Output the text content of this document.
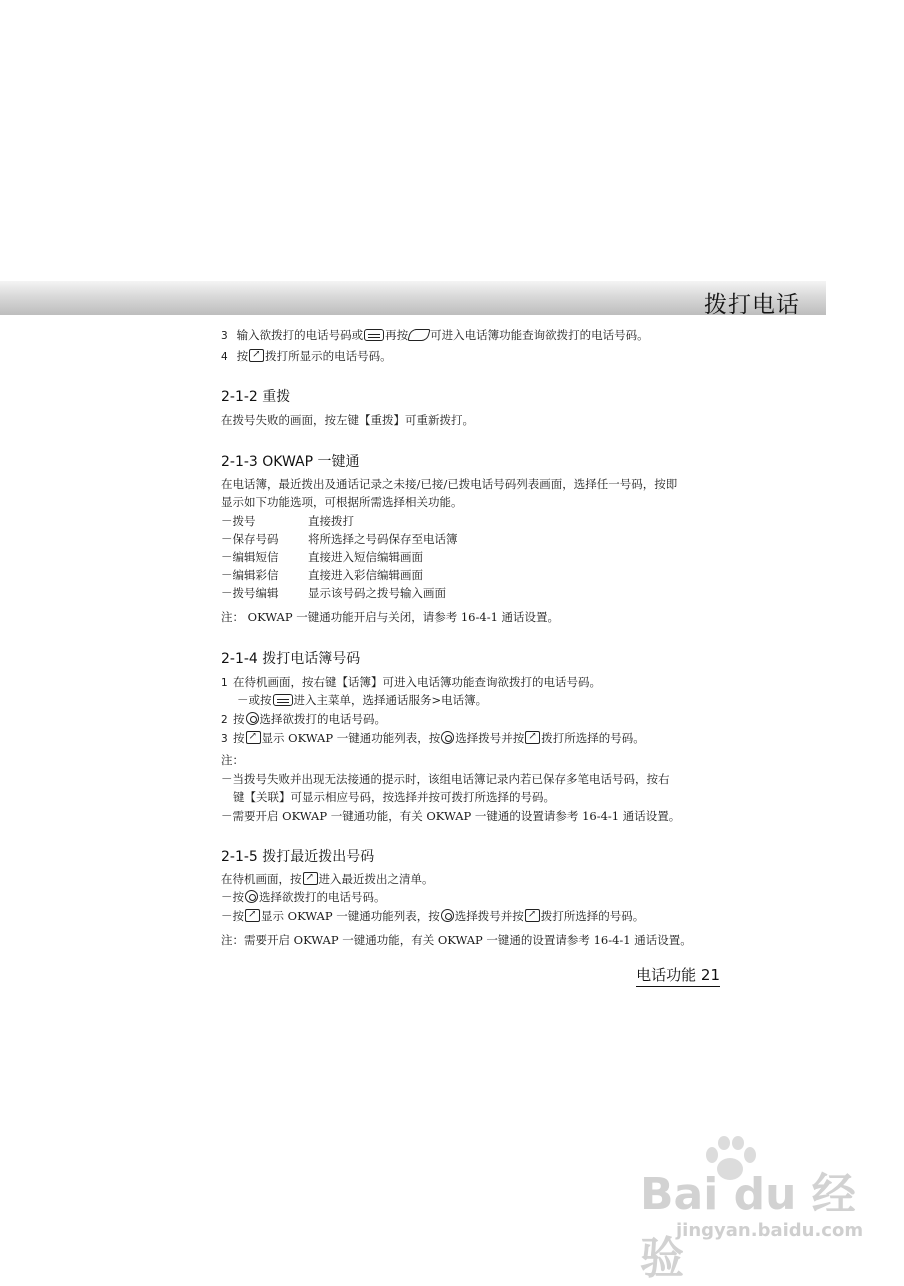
拨打电话
3 输入欲拨打的电话号码或 再按 可进入电话簿功能查询欲拨打的电话号码。
4 按 ↗ 拨打所显示的电话号码。
2-1-2 重拨
在拨号失败的画面，按左键【重拨】可重新拨打。
2-1-3 OKWAP 一键通
在电话簿，最近拨出及通话记录之未接/已接/已拨电话号码列表画面，选择任一号码，按即
显示如下功能选项，可根据所需选择相关功能。
－拨号	直接拨打
－保存号码	将所选择之号码保存至电话簿
－编辑短信	直接进入短信编辑画面
－编辑彩信	直接进入彩信编辑画面
－拨号编辑	显示该号码之拨号输入画面
注： OKWAP 一键通功能开启与关闭，请参考 16-4-1 通话设置。
2-1-4 拨打电话簿号码
1 在待机画面，按右键【话簿】可进入电话簿功能查询欲拨打的电话号码。
－或按 进入主菜单，选择通话服务>电话簿。
2 按 选择欲拨打的电话号码。
3 按 ↗ 显示 OKWAP 一键通功能列表，按 选择拨号并按 ↗ 拨打所选择的号码。
注：
－当拨号失败并出现无法接通的提示时，该组电话簿记录内若已保存多笔电话号码，按右
键【关联】可显示相应号码，按选择并按可拨打所选择的号码。
－需要开启 OKWAP 一键通功能，有关 OKWAP 一键通的设置请参考 16-4-1 通话设置。
2-1-5 拨打最近拨出号码
在待机画面，按 ↗ 进入最近拨出之清单。
－按 选择欲拨打的电话号码。
－按 ↗ 显示 OKWAP 一键通功能列表，按 选择拨号并按 ↗ 拨打所选择的号码。
注：需要开启 OKWAP 一键通功能，有关 OKWAP 一键通的设置请参考 16-4-1 通话设置。
电话功能 21
Bai du 经验
jingyan.baidu.com
